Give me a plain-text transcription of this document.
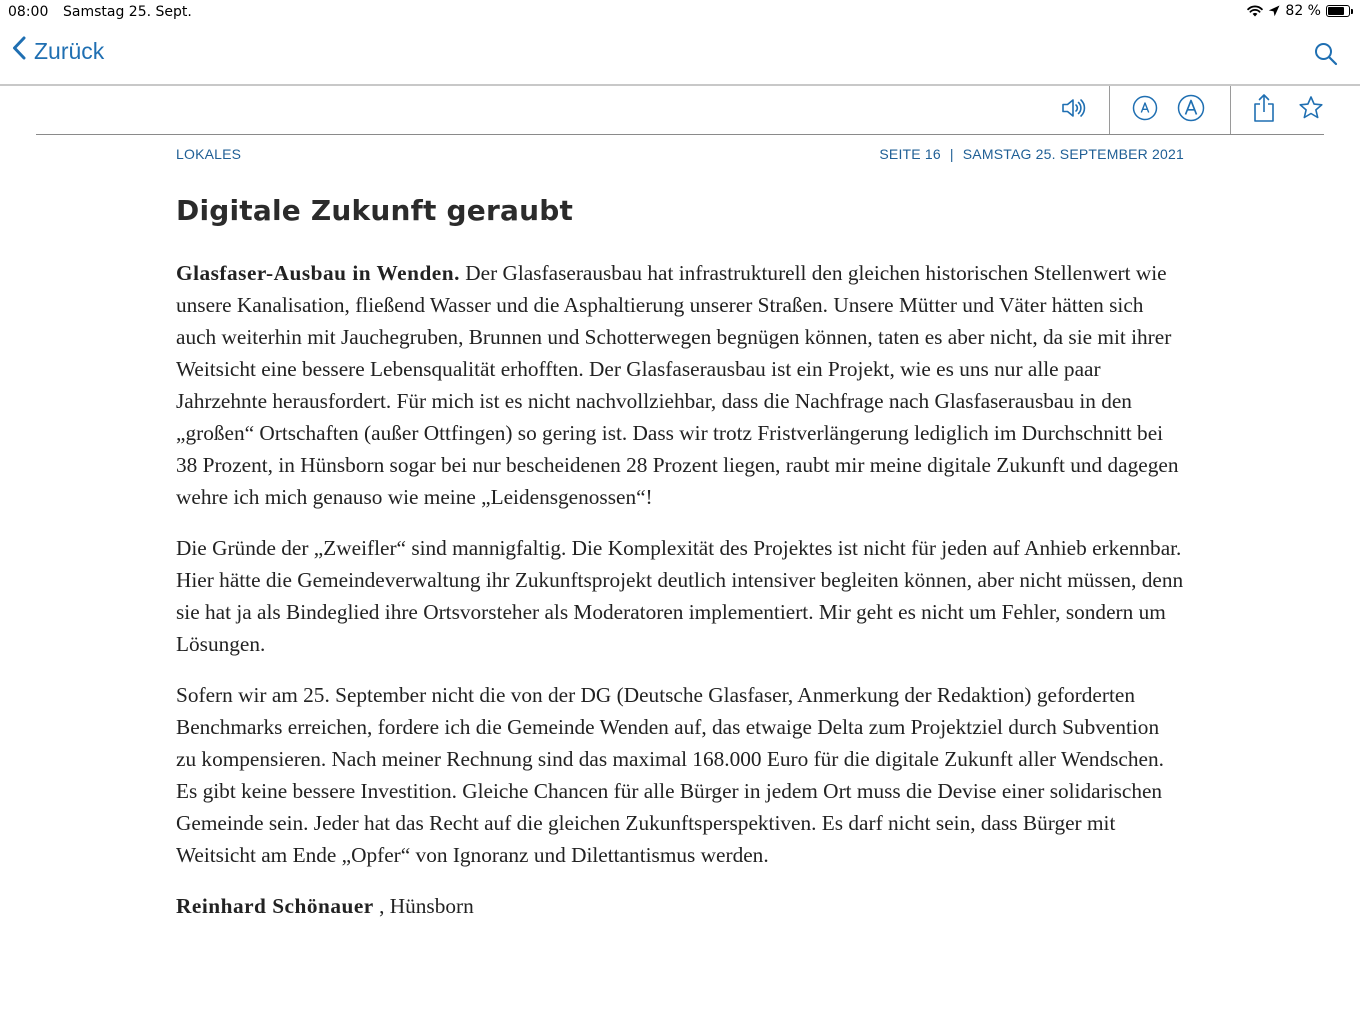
08:00 Samstag 25. Sept.	82 %
Zurück
LOKALES	SEITE 16 | SAMSTAG 25. SEPTEMBER 2021
Digitale Zukunft geraubt

Glasfaser-Ausbau in Wenden. Der Glasfaserausbau hat infrastrukturell den gleichen historischen Stellenwert wie unsere Kanalisation, fließend Wasser und die Asphaltierung unserer Straßen. Unsere Mütter und Väter hätten sich auch weiterhin mit Jauchegruben, Brunnen und Schotterwegen begnügen können, taten es aber nicht, da sie mit ihrer Weitsicht eine bessere Lebensqualität erhofften. Der Glasfaserausbau ist ein Projekt, wie es uns nur alle paar Jahrzehnte herausfordert. Für mich ist es nicht nachvollziehbar, dass die Nachfrage nach Glasfaserausbau in den „großen“ Ortschaften (außer Ottfingen) so gering ist. Dass wir trotz Fristverlängerung lediglich im Durchschnitt bei 38 Prozent, in Hünsborn sogar bei nur bescheidenen 28 Prozent liegen, raubt mir meine digitale Zukunft und dagegen wehre ich mich genauso wie meine „Leidensgenossen“!

Die Gründe der „Zweifler“ sind mannigfaltig. Die Komplexität des Projektes ist nicht für jeden auf Anhieb erkennbar. Hier hätte die Gemeindeverwaltung ihr Zukunftsprojekt deutlich intensiver begleiten können, aber nicht müssen, denn sie hat ja als Bindeglied ihre Ortsvorsteher als Moderatoren implementiert. Mir geht es nicht um Fehler, sondern um Lösungen.

Sofern wir am 25. September nicht die von der DG (Deutsche Glasfaser, Anmerkung der Redaktion) geforderten Benchmarks erreichen, fordere ich die Gemeinde Wenden auf, das etwaige Delta zum Projektziel durch Subvention zu kompensieren. Nach meiner Rechnung sind das maximal 168.000 Euro für die digitale Zukunft aller Wendschen. Es gibt keine bessere Investition. Gleiche Chancen für alle Bürger in jedem Ort muss die Devise einer solidarischen Gemeinde sein. Jeder hat das Recht auf die gleichen Zukunftsperspektiven. Es darf nicht sein, dass Bürger mit Weitsicht am Ende „Opfer“ von Ignoranz und Dilettantismus werden.

Reinhard Schönauer , Hünsborn
